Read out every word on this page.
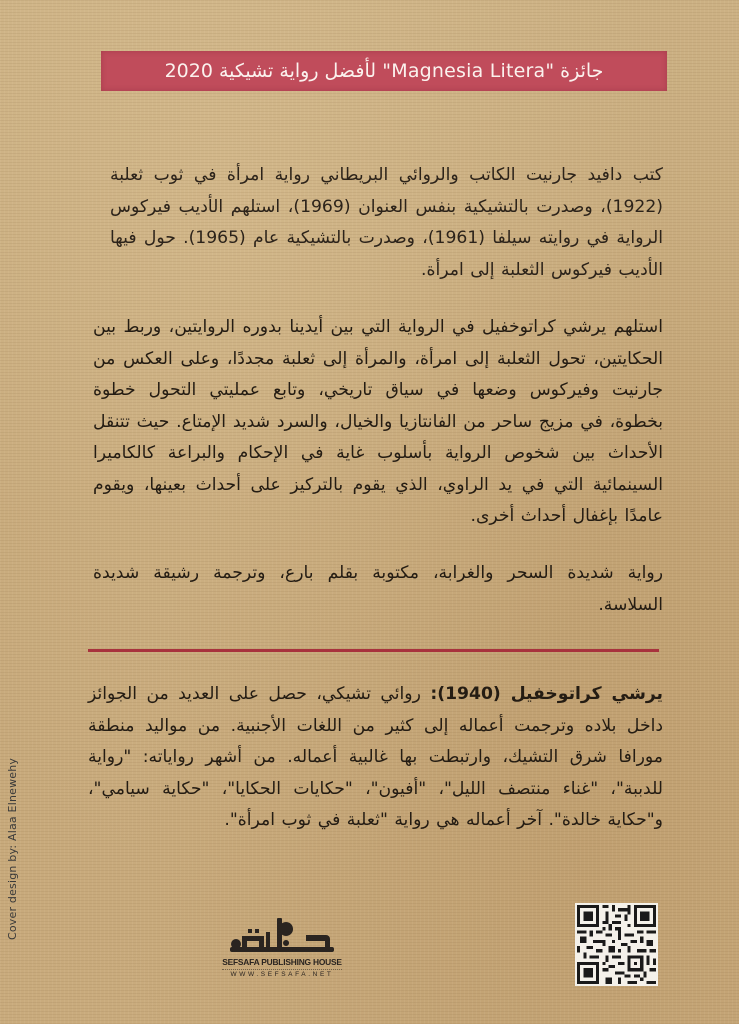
جائزة "Magnesia Litera" لأفضل رواية تشيكية 2020

كتب دافيد جارنيت الكاتب والروائي البريطاني رواية امرأة في ثوب ثعلبة (1922)، وصدرت بالتشيكية بنفس العنوان (1969)، استلهم الأديب فيركوس الرواية في روايته سيلفا (1961)، وصدرت بالتشيكية عام (1965). حول فيها الأديب فيركوس الثعلبة إلى امرأة.

استلهم يرشي كراتوخفيل في الرواية التي بين أيدينا بدوره الروايتين، وربط بين الحكايتين، تحول الثعلبة إلى امرأة، والمرأة إلى ثعلبة مجددًا، وعلى العكس من جارنيت وفيركوس وضعها في سياق تاريخي، وتابع عمليتي التحول خطوة بخطوة، في مزيج ساحر من الفانتازيا والخيال، والسرد شديد الإمتاع. حيث تتنقل الأحداث بين شخوص الرواية بأسلوب غاية في الإحكام والبراعة كالكاميرا السينمائية التي في يد الراوي، الذي يقوم بالتركيز على أحداث بعينها، ويقوم عامدًا بإغفال أحداث أخرى.

رواية شديدة السحر والغرابة، مكتوبة بقلم بارع، وترجمة رشيقة شديدة السلاسة.

يرشي كراتوخفيل (1940): روائي تشيكي، حصل على العديد من الجوائز داخل بلاده وترجمت أعماله إلى كثير من اللغات الأجنبية. من مواليد منطقة مورافا شرق التشيك، وارتبطت بها غالبية أعماله. من أشهر رواياته: "رواية للدببة"، "غناء منتصف الليل"، "أفيون"، "حكايات الحكايا"، "حكاية سيامي"، و"حكاية خالدة". آخر أعماله هي رواية "ثعلبة في ثوب امرأة".

Cover design by: Alaa Elnewehy
SEFSAFA PUBLISHING HOUSE
WWW.SEFSAFA.NET
